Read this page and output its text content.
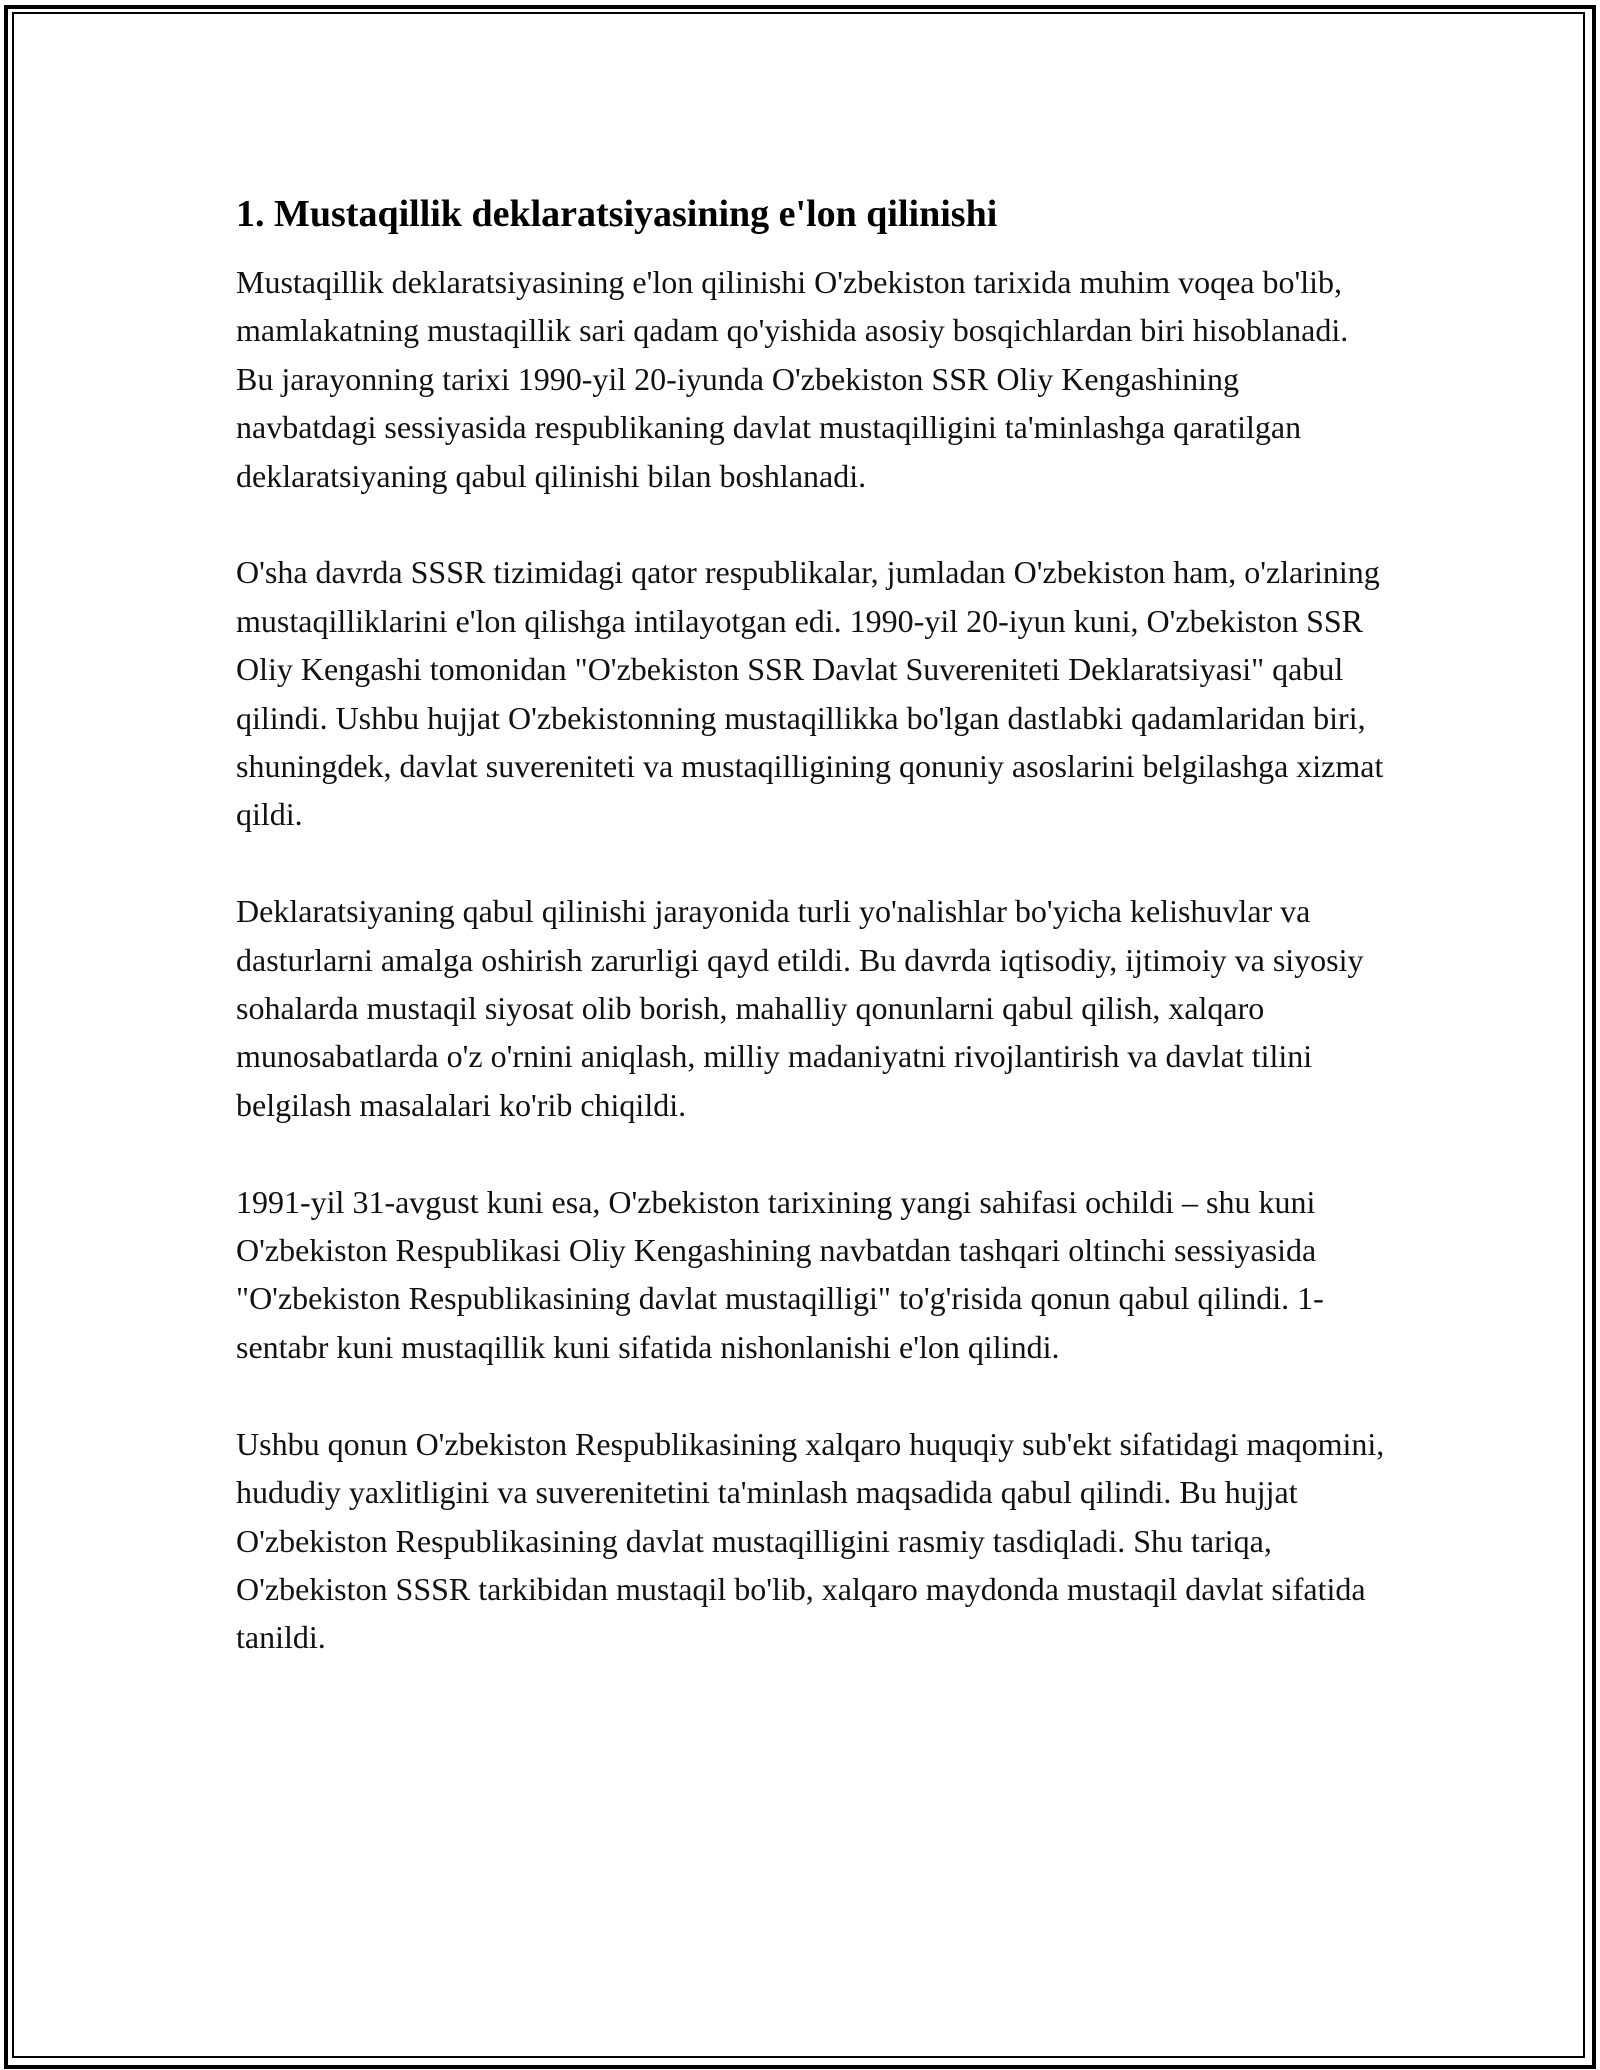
1. Mustaqillik deklaratsiyasining e'lon qilinishi

Mustaqillik deklaratsiyasining e'lon qilinishi O'zbekiston tarixida muhim voqea bo'lib, mamlakatning mustaqillik sari qadam qo'yishida asosiy bosqichlardan biri hisoblanadi. Bu jarayonning tarixi 1990-yil 20-iyunda O'zbekiston SSR Oliy Kengashining navbatdagi sessiyasida respublikaning davlat mustaqilligini ta'minlashga qaratilgan deklaratsiyaning qabul qilinishi bilan boshlanadi.

O'sha davrda SSSR tizimidagi qator respublikalar, jumladan O'zbekiston ham, o'zlarining mustaqilliklarini e'lon qilishga intilayotgan edi. 1990-yil 20-iyun kuni, O'zbekiston SSR Oliy Kengashi tomonidan "O'zbekiston SSR Davlat Suvereniteti Deklaratsiyasi" qabul qilindi. Ushbu hujjat O'zbekistonning mustaqillikka bo'lgan dastlabki qadamlaridan biri, shuningdek, davlat suvereniteti va mustaqilligining qonuniy asoslarini belgilashga xizmat qildi.

Deklaratsiyaning qabul qilinishi jarayonida turli yo'nalishlar bo'yicha kelishuvlar va dasturlarni amalga oshirish zarurligi qayd etildi. Bu davrda iqtisodiy, ijtimoiy va siyosiy sohalarda mustaqil siyosat olib borish, mahalliy qonunlarni qabul qilish, xalqaro munosabatlarda o'z o'rnini aniqlash, milliy madaniyatni rivojlantirish va davlat tilini belgilash masalalari ko'rib chiqildi.

1991-yil 31-avgust kuni esa, O'zbekiston tarixining yangi sahifasi ochildi – shu kuni O'zbekiston Respublikasi Oliy Kengashining navbatdan tashqari oltinchi sessiyasida "O'zbekiston Respublikasining davlat mustaqilligi" to'g'risida qonun qabul qilindi. 1-sentabr kuni mustaqillik kuni sifatida nishonlanishi e'lon qilindi.

Ushbu qonun O'zbekiston Respublikasining xalqaro huquqiy sub'ekt sifatidagi maqomini, hududiy yaxlitligini va suverenitetini ta'minlash maqsadida qabul qilindi. Bu hujjat O'zbekiston Respublikasining davlat mustaqilligini rasmiy tasdiqladi. Shu tariqa, O'zbekiston SSSR tarkibidan mustaqil bo'lib, xalqaro maydonda mustaqil davlat sifatida tanildi.
